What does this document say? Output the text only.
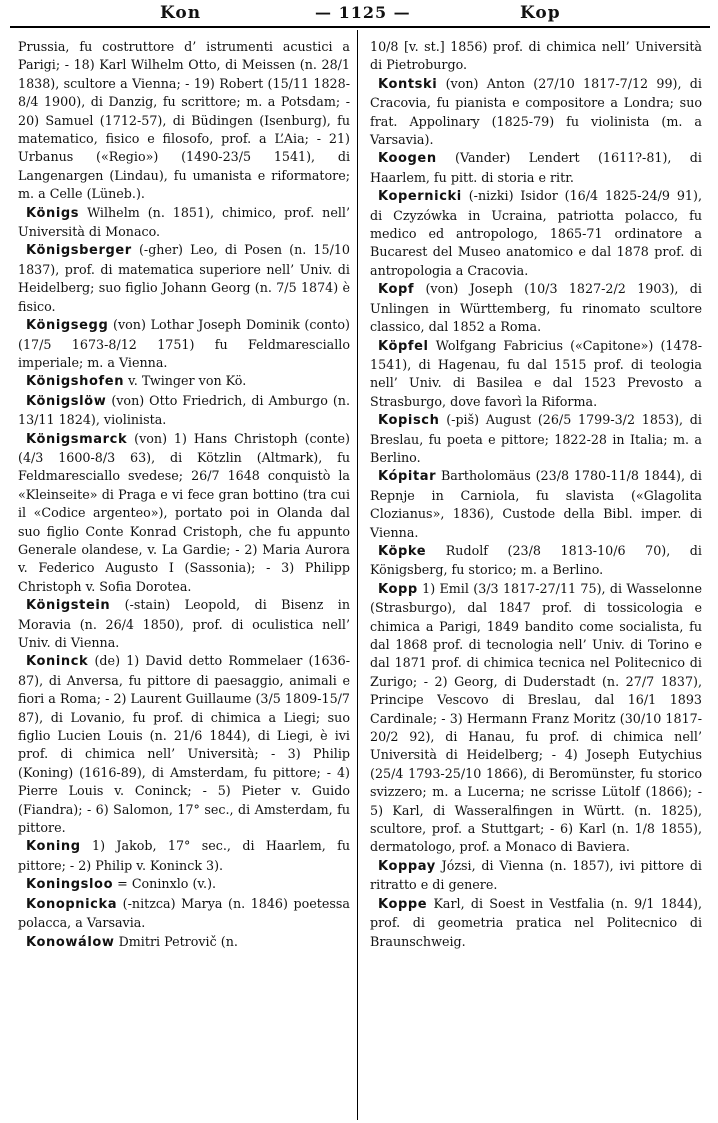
Kon	— 1125 —	Kop

Prussia, fu costruttore d’ istrumenti acustici a Parigi; - 18) Karl Wilhelm Otto, di Meissen (n. 28/1 1838), scultore a Vienna; - 19) Robert (15/11 1828-8/4 1900), di Danzig, fu scrittore; m. a Potsdam; - 20) Samuel (1712-57), di Büdingen (Isenburg), fu matematico, fisico e filosofo, prof. a L’Aia; - 21) Urbanus («Regio») (1490-23/5 1541), di Langenargen (Lindau), fu umanista e riformatore; m. a Celle (Lüneb.).

Königs Wilhelm (n. 1851), chimico, prof. nell’ Università di Monaco.

Königsberger (-gher) Leo, di Posen (n. 15/10 1837), prof. di matematica superiore nell’ Univ. di Heidelberg; suo figlio Johann Georg (n. 7/5 1874) è fisico.

Königsegg (von) Lothar Joseph Dominik (conto) (17/5 1673-8/12 1751) fu Feldmaresciallo imperiale; m. a Vienna.

Königshofen v. Twinger von Kö.

Königslöw (von) Otto Friedrich, di Amburgo (n. 13/11 1824), violinista.

Königsmarck (von) 1) Hans Christoph (conte) (4/3 1600-8/3 63), di Kötzlin (Altmark), fu Feldmaresciallo svedese; 26/7 1648 conquistò la «Kleinseite» di Praga e vi fece gran bottino (tra cui il «Codice argenteo»), portato poi in Olanda dal suo figlio Conte Konrad Cristoph, che fu appunto Generale olandese, v. La Gardie; - 2) Maria Aurora v. Federico Augusto I (Sassonia); - 3) Philipp Christoph v. Sofia Dorotea.

Königstein (-stain) Leopold, di Bisenz in Moravia (n. 26/4 1850), prof. di oculistica nell’ Univ. di Vienna.

Koninck (de) 1) David detto Rommelaer (1636-87), di Anversa, fu pittore di paesaggio, animali e fiori a Roma; - 2) Laurent Guillaume (3/5 1809-15/7 87), di Lovanio, fu prof. di chimica a Liegi; suo figlio Lucien Louis (n. 21/6 1844), di Liegi, è ivi prof. di chimica nell’ Università; - 3) Philip (Koning) (1616-89), di Amsterdam, fu pittore; - 4) Pierre Louis v. Coninck; - 5) Pieter v. Guido (Fiandra); - 6) Salomon, 17° sec., di Amsterdam, fu pittore.

Koning 1) Jakob, 17° sec., di Haarlem, fu pittore; - 2) Philip v. Koninck 3).

Koningsloo = Coninxlo (v.).

Konopnicka (-nitzca) Marya (n. 1846) poetessa polacca, a Varsavia.

Konowálow Dmitri Petrovič (n.

10/8 [v. st.] 1856) prof. di chimica nell’ Università di Pietroburgo.

Kontski (von) Anton (27/10 1817-7/12 99), di Cracovia, fu pianista e compositore a Londra; suo frat. Appolinary (1825-79) fu violinista (m. a Varsavia).

Koogen (Vander) Lendert (1611?-81), di Haarlem, fu pitt. di storia e ritr.

Kopernicki (-nizki) Isidor (16/4 1825-24/9 91), di Czyzówka in Ucraina, patriotta polacco, fu medico ed antropologo, 1865-71 ordinatore a Bucarest del Museo anatomico e dal 1878 prof. di antropologia a Cracovia.

Kopf (von) Joseph (10/3 1827-2/2 1903), di Unlingen in Württemberg, fu rinomato scultore classico, dal 1852 a Roma.

Köpfel Wolfgang Fabricius («Capitone») (1478-1541), di Hagenau, fu dal 1515 prof. di teologia nell’ Univ. di Basilea e dal 1523 Prevosto a Strasburgo, dove favorì la Riforma.

Kopisch (-piš) August (26/5 1799-3/2 1853), di Breslau, fu poeta e pittore; 1822-28 in Italia; m. a Berlino.

Kópitar Bartholomäus (23/8 1780-11/8 1844), di Repnje in Carniola, fu slavista («Glagolita Clozianus», 1836), Custode della Bibl. imper. di Vienna.

Köpke Rudolf (23/8 1813-10/6 70), di Königsberg, fu storico; m. a Berlino.

Kopp 1) Emil (3/3 1817-27/11 75), di Wasselonne (Strasburgo), dal 1847 prof. di tossicologia e chimica a Parigi, 1849 bandito come socialista, fu dal 1868 prof. di tecnologia nell’ Univ. di Torino e dal 1871 prof. di chimica tecnica nel Politecnico di Zurigo; - 2) Georg, di Duderstadt (n. 27/7 1837), Principe Vescovo di Breslau, dal 16/1 1893 Cardinale; - 3) Hermann Franz Moritz (30/10 1817-20/2 92), di Hanau, fu prof. di chimica nell’ Università di Heidelberg; - 4) Joseph Eutychius (25/4 1793-25/10 1866), di Beromünster, fu storico svizzero; m. a Lucerna; ne scrisse Lütolf (1866); - 5) Karl, di Wasseralfingen in Württ. (n. 1825), scultore, prof. a Stuttgart; - 6) Karl (n. 1/8 1855), dermatologo, prof. a Monaco di Baviera.

Koppay Józsi, di Vienna (n. 1857), ivi pittore di ritratto e di genere.

Koppe Karl, di Soest in Vestfalia (n. 9/1 1844), prof. di geometria pratica nel Politecnico di Braunschweig.
